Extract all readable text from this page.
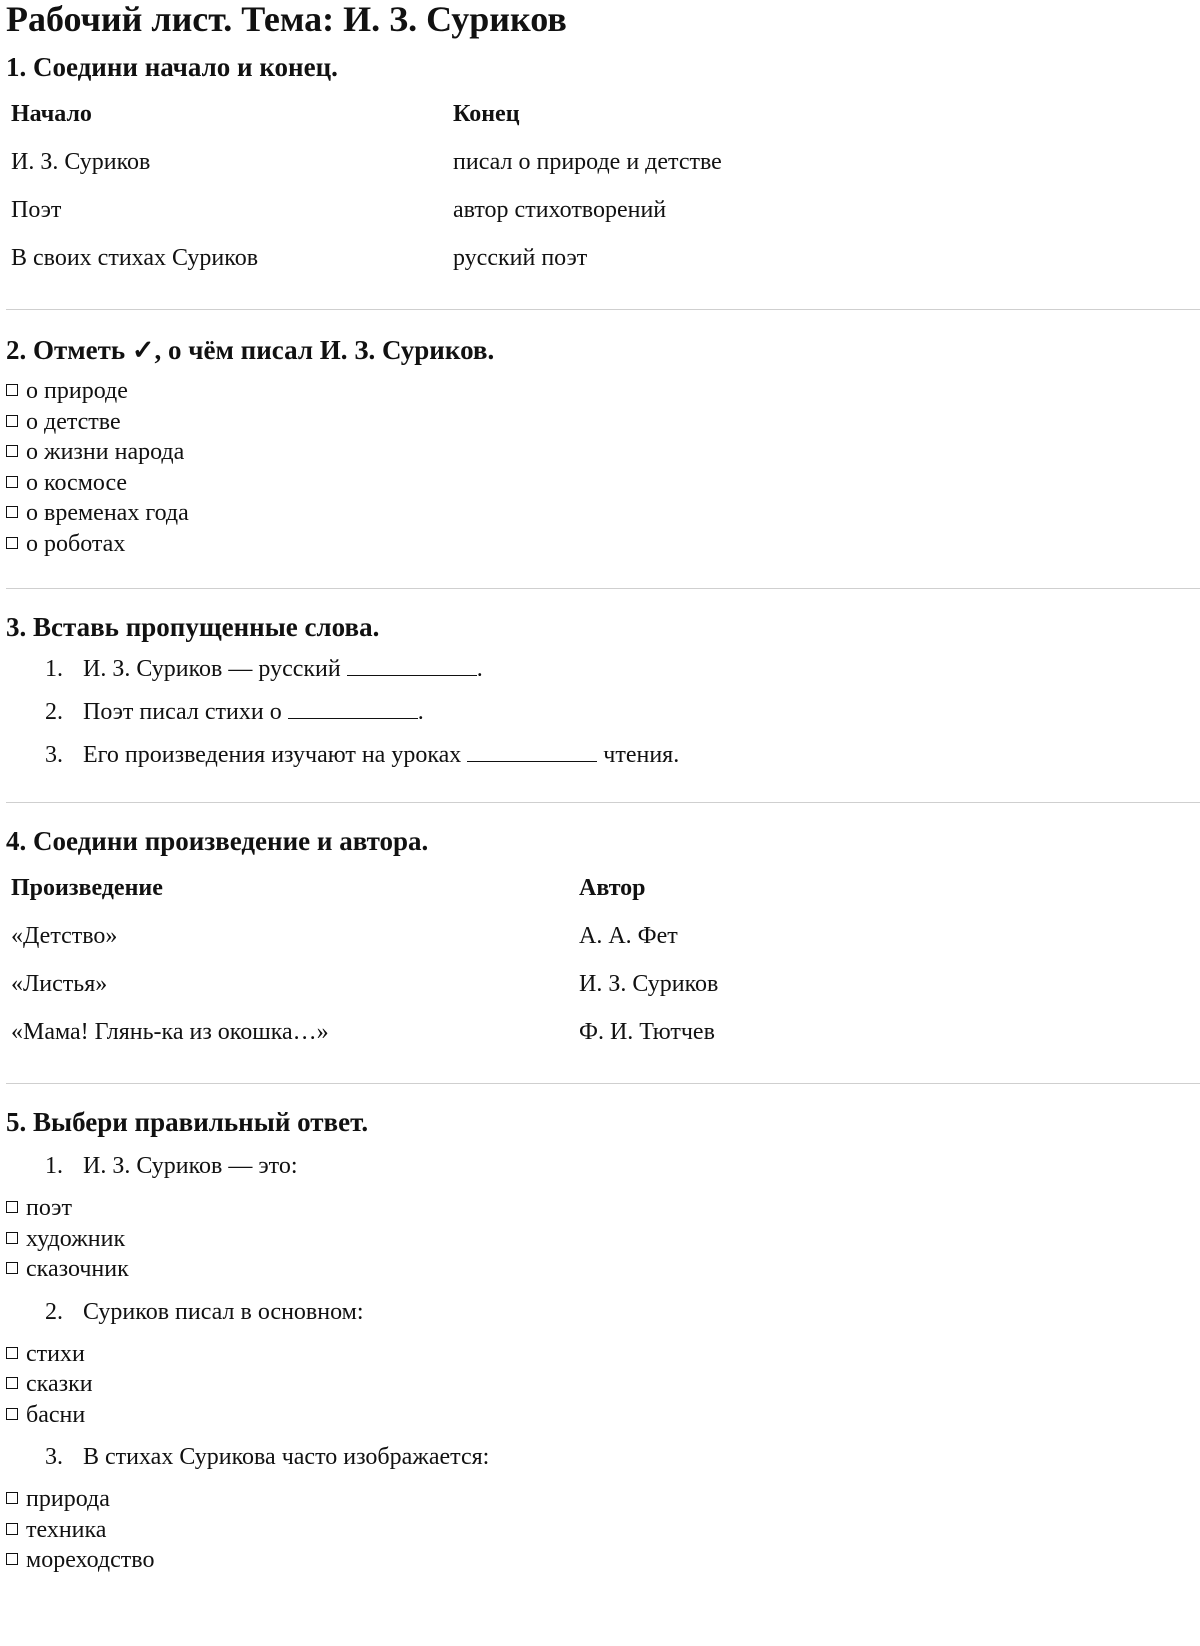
Рабочий лист. Тема: И. З. Суриков
1. Соедини начало и конец.
Начало	Конец
И. З. Суриков	писал о природе и детстве
Поэт	автор стихотворений
В своих стихах Суриков	русский поэт
2. Отметь ✓, о чём писал И. З. Суриков.
о природе
о детстве
о жизни народа
о космосе
о временах года
о роботах
3. Вставь пропущенные слова.
1. И. З. Суриков — русский	.
2. Поэт писал стихи о	.
3. Его произведения изучают на уроках	чтения.
4. Соедини произведение и автора.
Произведение	Автор
«Детство»	А. А. Фет
«Листья»	И. З. Суриков
«Мама! Глянь-ка из окошка…»	Ф. И. Тютчев
5. Выбери правильный ответ.
1. И. З. Суриков — это:
поэт
художник
сказочник
2. Суриков писал в основном:
стихи
сказки
басни
3. В стихах Сурикова часто изображается:
природа
техника
мореходство
